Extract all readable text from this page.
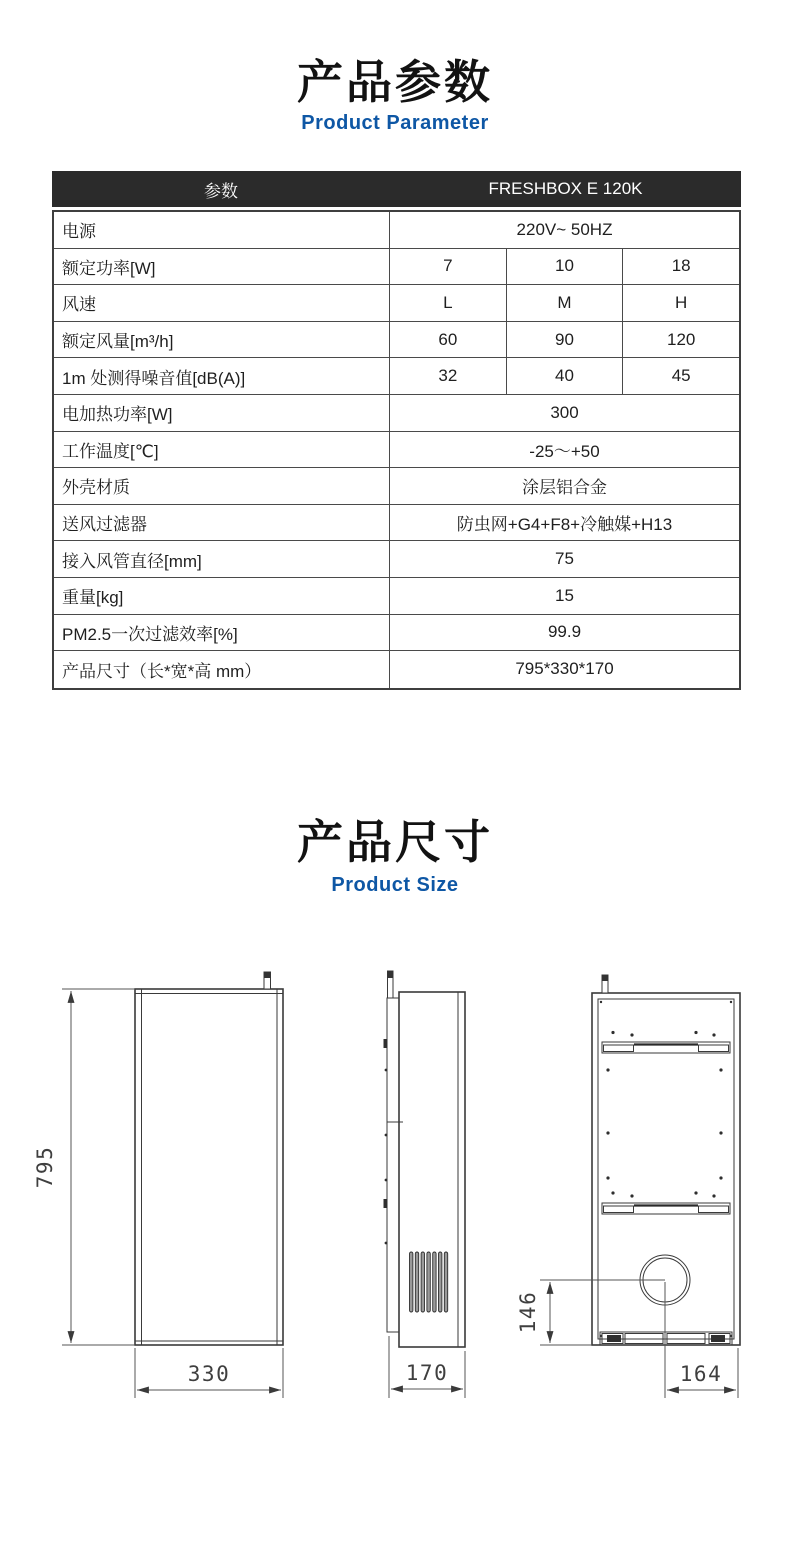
产品参数
Product Parameter
参数	FRESHBOX E 120K
电源	220V~ 50HZ
额定功率[W]	7	10	18
风速	L	M	H
额定风量[m³/h]	60	90	120
1m 处测得噪音值[dB(A)]	32	40	45
电加热功率[W]	300
工作温度[℃]	-25～+50
外壳材质	涂层铝合金
送风过滤器	防虫网+G4+F8+冷触媒+H13
接入风管直径[mm]	75
重量[kg]	15
PM2.5一次过滤效率[%]	99.9
产品尺寸（长*宽*高 mm）	795*330*170
产品尺寸
Product Size
795
330	170
146
164
